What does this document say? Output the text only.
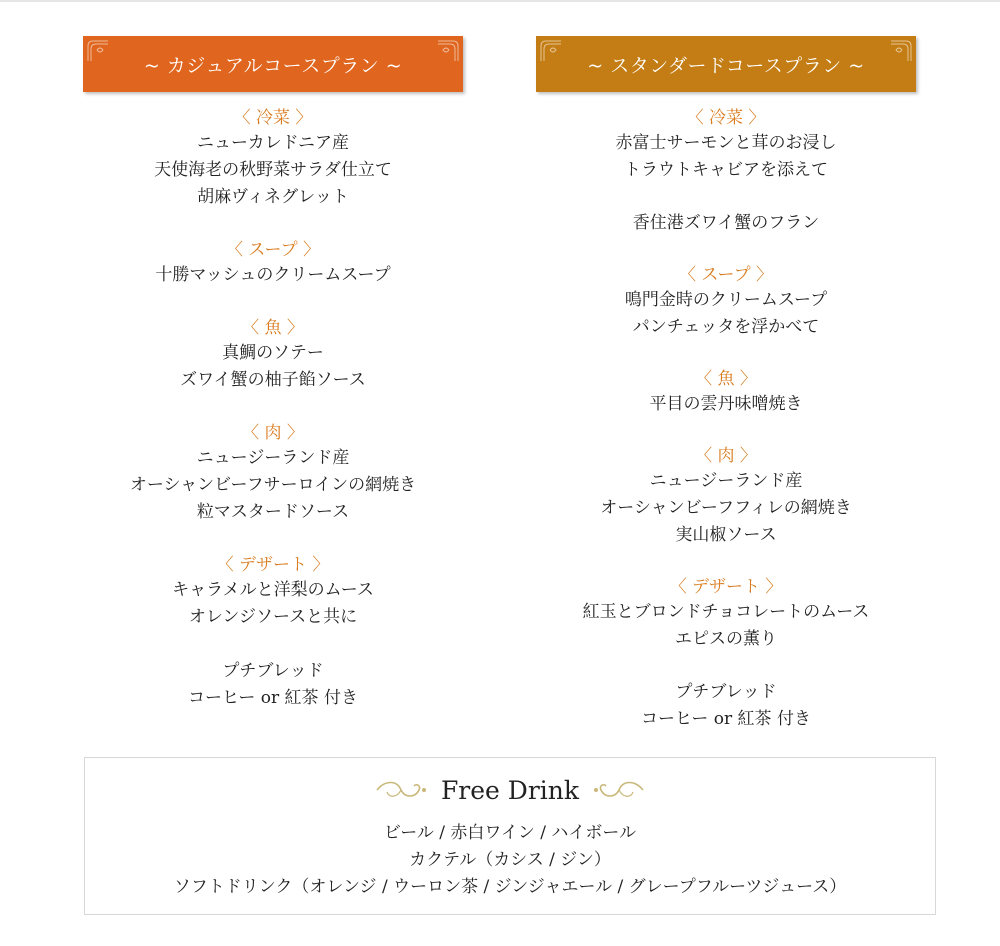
~ カジュアルコースプラン ~
〈 冷菜 〉
ニューカレドニア産
天使海老の秋野菜サラダ仕立て
胡麻ヴィネグレット
〈 スープ 〉
十勝マッシュのクリームスープ
〈 魚 〉
真鯛のソテー
ズワイ蟹の柚子餡ソース
〈 肉 〉
ニュージーランド産
オーシャンビーフサーロインの網焼き
粒マスタードソース
〈 デザート 〉
キャラメルと洋梨のムース
オレンジソースと共に
プチブレッド
コーヒー or 紅茶 付き
~ スタンダードコースプラン ~
〈 冷菜 〉
赤富士サーモンと茸のお浸し
トラウトキャビアを添えて
香住港ズワイ蟹のフラン
〈 スープ 〉
鳴門金時のクリームスープ
パンチェッタを浮かべて
〈 魚 〉
平目の雲丹味噌焼き
〈 肉 〉
ニュージーランド産
オーシャンビーフフィレの網焼き
実山椒ソース
〈 デザート 〉
紅玉とブロンドチョコレートのムース
エピスの薫り
プチブレッド
コーヒー or 紅茶 付き
Free Drink
ビール / 赤白ワイン / ハイボール
カクテル（カシス / ジン）
ソフトドリンク（オレンジ / ウーロン茶 / ジンジャエール / グレープフルーツジュース）
